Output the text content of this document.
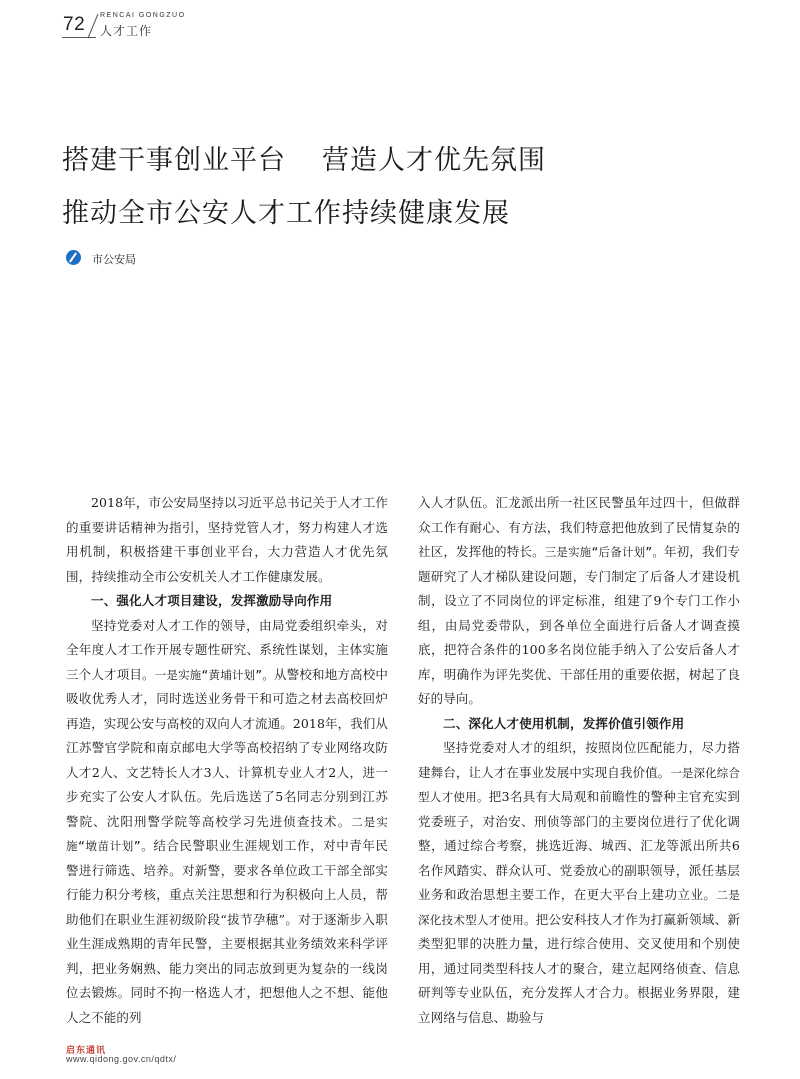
72 RENCAI GONGZUO
人才工作
搭建干事创业平台 营造人才优先氛围
推动全市公安人才工作持续健康发展
市公安局

2018年，市公安局坚持以习近平总书记关于人才工作的重要讲话精神为指引，坚持党管人才，努力构建人才选用机制，积极搭建干事创业平台，大力营造人才优先氛围，持续推动全市公安机关人才工作健康发展。

一、强化人才项目建设，发挥激励导向作用

坚持党委对人才工作的领导，由局党委组织牵头，对全年度人才工作开展专题性研究、系统性谋划，主体实施三个人才项目。一是实施“黄埔计划”。从警校和地方高校中吸收优秀人才，同时选送业务骨干和可造之材去高校回炉再造，实现公安与高校的双向人才流通。2018年，我们从江苏警官学院和南京邮电大学等高校招纳了专业网络攻防人才2人、文艺特长人才3人、计算机专业人才2人，进一步充实了公安人才队伍。先后选送了5名同志分别到江苏警院、沈阳刑警学院等高校学习先进侦查技术。二是实施“墩苗计划”。结合民警职业生涯规划工作，对中青年民警进行筛选、培养。对新警，要求各单位政工干部全部实行能力积分考核，重点关注思想和行为积极向上人员，帮助他们在职业生涯初级阶段“拔节孕穗”。对于逐渐步入职业生涯成熟期的青年民警，主要根据其业务绩效来科学评判，把业务娴熟、能力突出的同志放到更为复杂的一线岗位去锻炼。同时不拘一格选人才，把想他人之不想、能他人之不能的列

入人才队伍。汇龙派出所一社区民警虽年过四十，但做群众工作有耐心、有方法，我们特意把他放到了民情复杂的社区，发挥他的特长。三是实施“后备计划”。年初，我们专题研究了人才梯队建设问题，专门制定了后备人才建设机制，设立了不同岗位的评定标准，组建了9个专门工作小组，由局党委带队，到各单位全面进行后备人才调查摸底，把符合条件的100多名岗位能手纳入了公安后备人才库，明确作为评先奖优、干部任用的重要依据，树起了良好的导向。

二、深化人才使用机制，发挥价值引领作用

坚持党委对人才的组织，按照岗位匹配能力，尽力搭建舞台，让人才在事业发展中实现自我价值。一是深化综合型人才使用。把3名具有大局观和前瞻性的警种主官充实到党委班子，对治安、刑侦等部门的主要岗位进行了优化调整，通过综合考察，挑选近海、城西、汇龙等派出所共6名作风踏实、群众认可、党委放心的副职领导，派任基层业务和政治思想主要工作，在更大平台上建功立业。二是深化技术型人才使用。把公安科技人才作为打赢新领域、新类型犯罪的决胜力量，进行综合使用、交叉使用和个别使用，通过同类型科技人才的聚合，建立起网络侦查、信息研判等专业队伍，充分发挥人才合力。根据业务界限，建立网络与信息、勘验与

启东通讯
www.qidong.gov.cn/qdtx/
